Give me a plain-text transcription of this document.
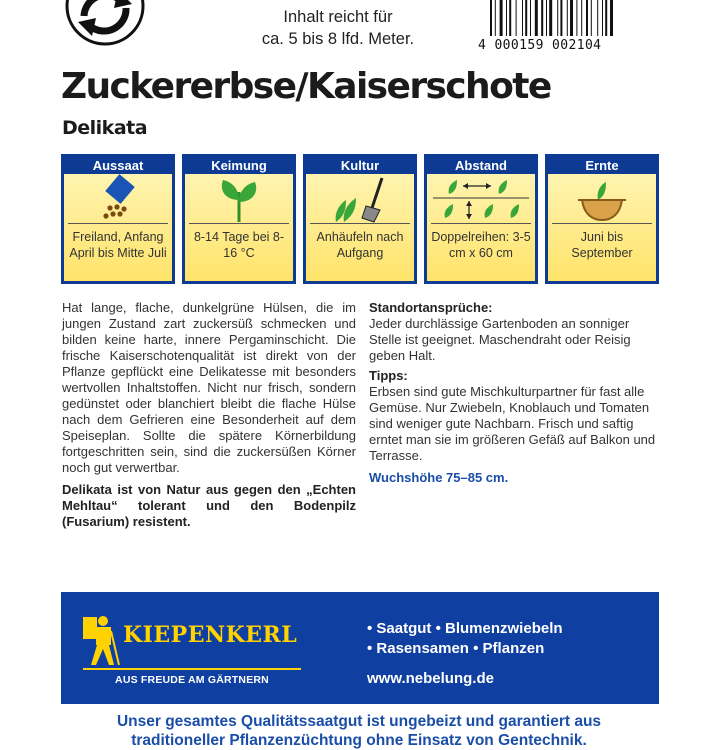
Inhalt reicht für
ca. 5 bis 8 lfd. Meter.	4 000159 002104
Zuckererbse/Kaiserschote
Delikata
Aussaat
Freiland, Anfang April bis Mitte Juli
Keimung
8-14 Tage bei 8-16 °C
Kultur
Anhäufeln nach Aufgang
Abstand
Doppelreihen: 3-5 cm x 60 cm
Ernte
Juni bis September

Hat lange, flache, dunkelgrüne Hülsen, die im jungen Zustand zart zuckersüß schmecken und bilden keine harte, innere Pergaminschicht. Die frische Kaiserschotenqualität ist direkt von der Pflanze gepflückt eine Delikatesse mit besonders wertvollen Inhaltstoffen. Nicht nur frisch, sondern gedünstet oder blanchiert bleibt die flache Hülse nach dem Gefrieren eine Besonderheit auf dem Speiseplan. Sollte die spätere Körnerbildung fortgeschritten sein, sind die zuckersüßen Körner noch gut verwertbar.

Delikata ist von Natur aus gegen den „Echten Mehltau“ tolerant und den Bodenpilz (Fusarium) resistent.

Standortansprüche:

Jeder durchlässige Gartenboden an sonniger Stelle ist geeignet. Maschendraht oder Reisig geben Halt.

Tipps:

Erbsen sind gute Mischkulturpartner für fast alle Gemüse. Nur Zwiebeln, Knoblauch und Tomaten sind weniger gute Nachbarn. Frisch und saftig erntet man sie im größeren Gefäß auf Balkon und Terrasse.

Wuchshöhe 75–85 cm.

KIEPENKERL
AUS FREUDE AM GÄRTNERN
• Saatgut • Blumenzwiebeln
• Rasensamen • Pflanzen
www.nebelung.de
Unser gesamtes Qualitätssaatgut ist ungebeizt und garantiert aus
traditioneller Pflanzenzüchtung ohne Einsatz von Gentechnik.
